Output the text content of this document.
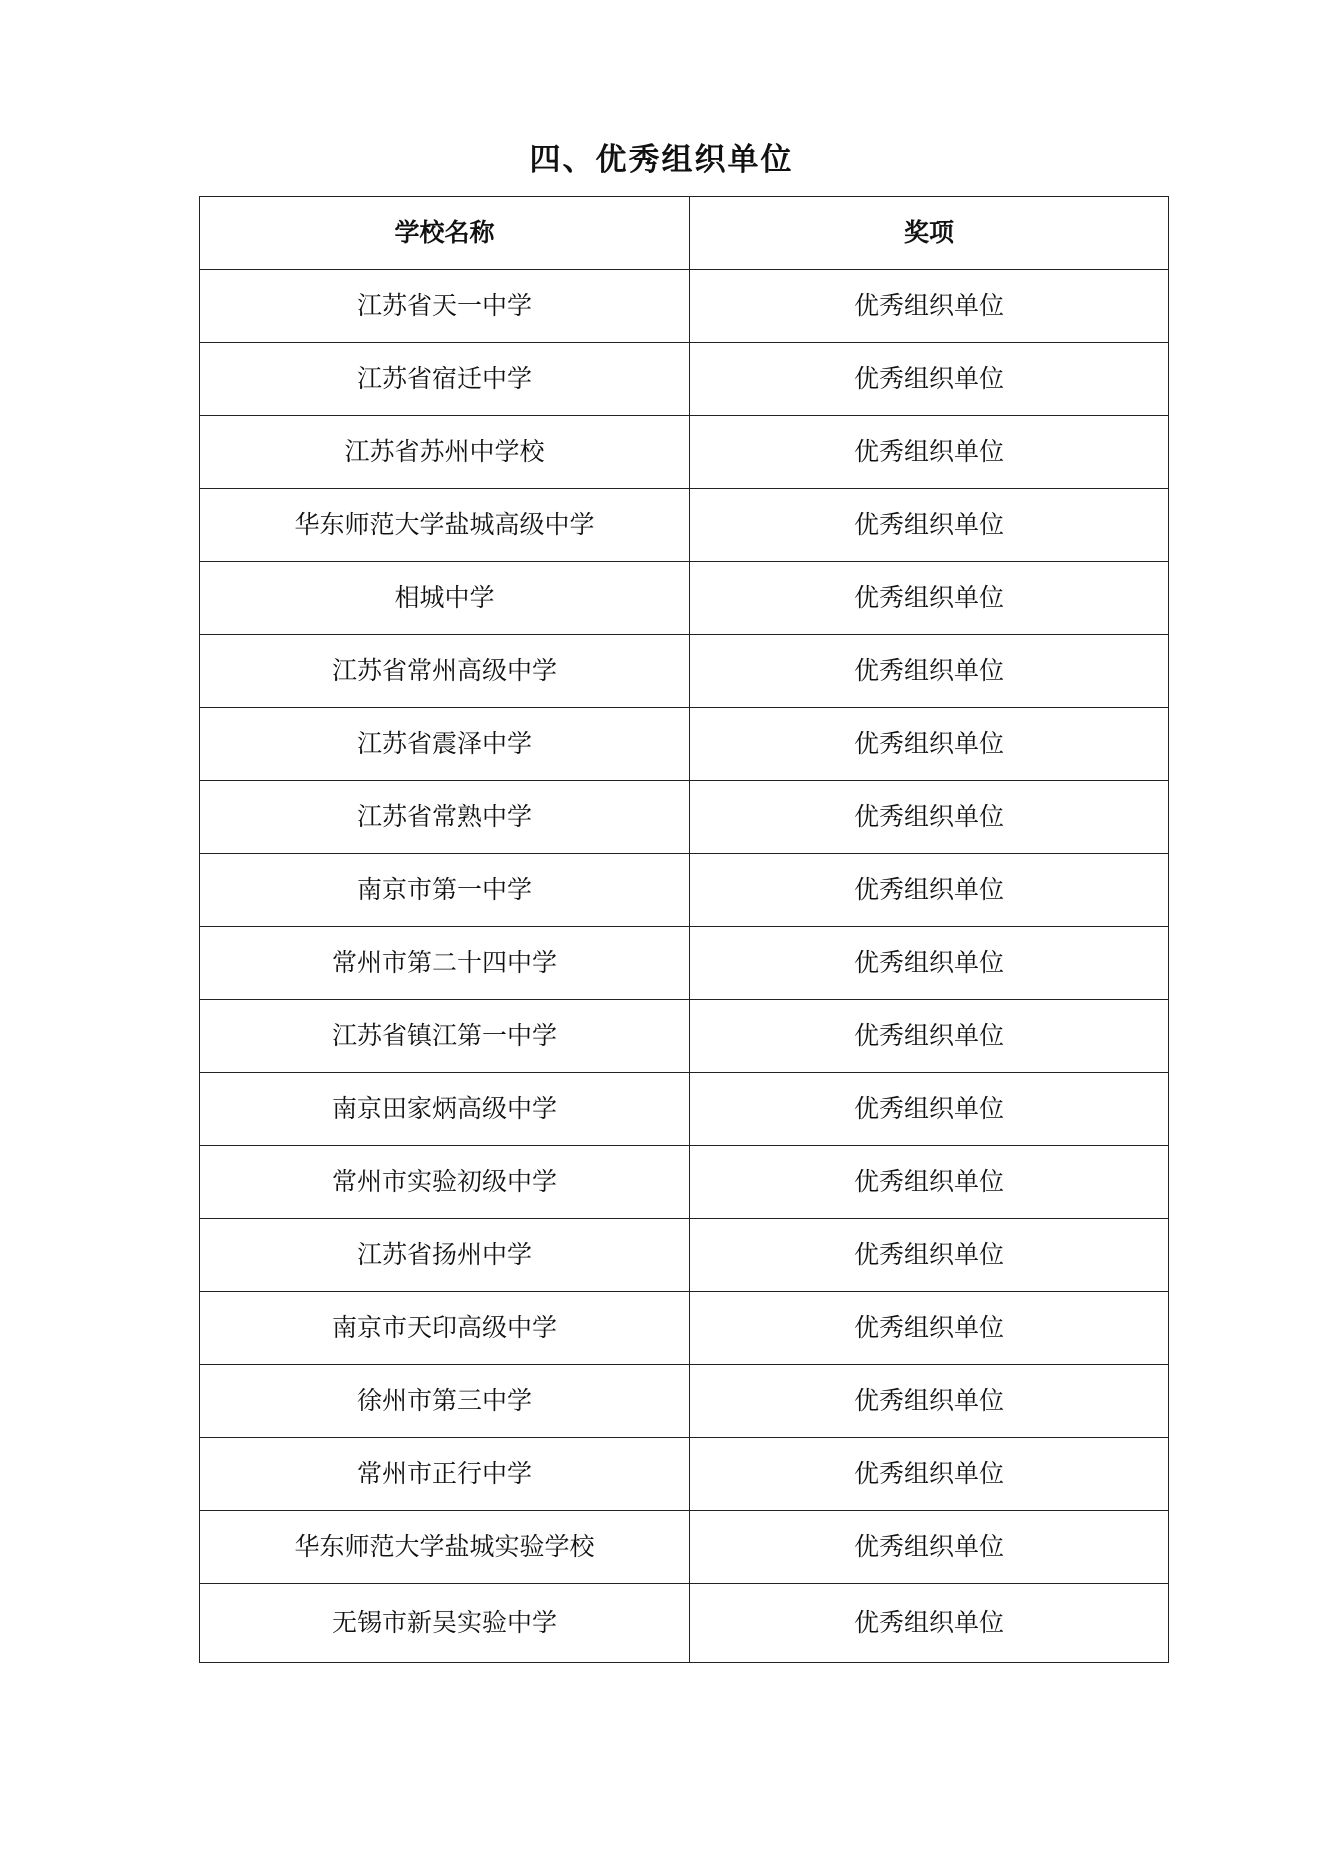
四、优秀组织单位
学校名称	奖项
江苏省天一中学	优秀组织单位
江苏省宿迁中学	优秀组织单位
江苏省苏州中学校	优秀组织单位
华东师范大学盐城高级中学	优秀组织单位
相城中学	优秀组织单位
江苏省常州高级中学	优秀组织单位
江苏省震泽中学	优秀组织单位
江苏省常熟中学	优秀组织单位
南京市第一中学	优秀组织单位
常州市第二十四中学	优秀组织单位
江苏省镇江第一中学	优秀组织单位
南京田家炳高级中学	优秀组织单位
常州市实验初级中学	优秀组织单位
江苏省扬州中学	优秀组织单位
南京市天印高级中学	优秀组织单位
徐州市第三中学	优秀组织单位
常州市正行中学	优秀组织单位
华东师范大学盐城实验学校	优秀组织单位
无锡市新吴实验中学	优秀组织单位
